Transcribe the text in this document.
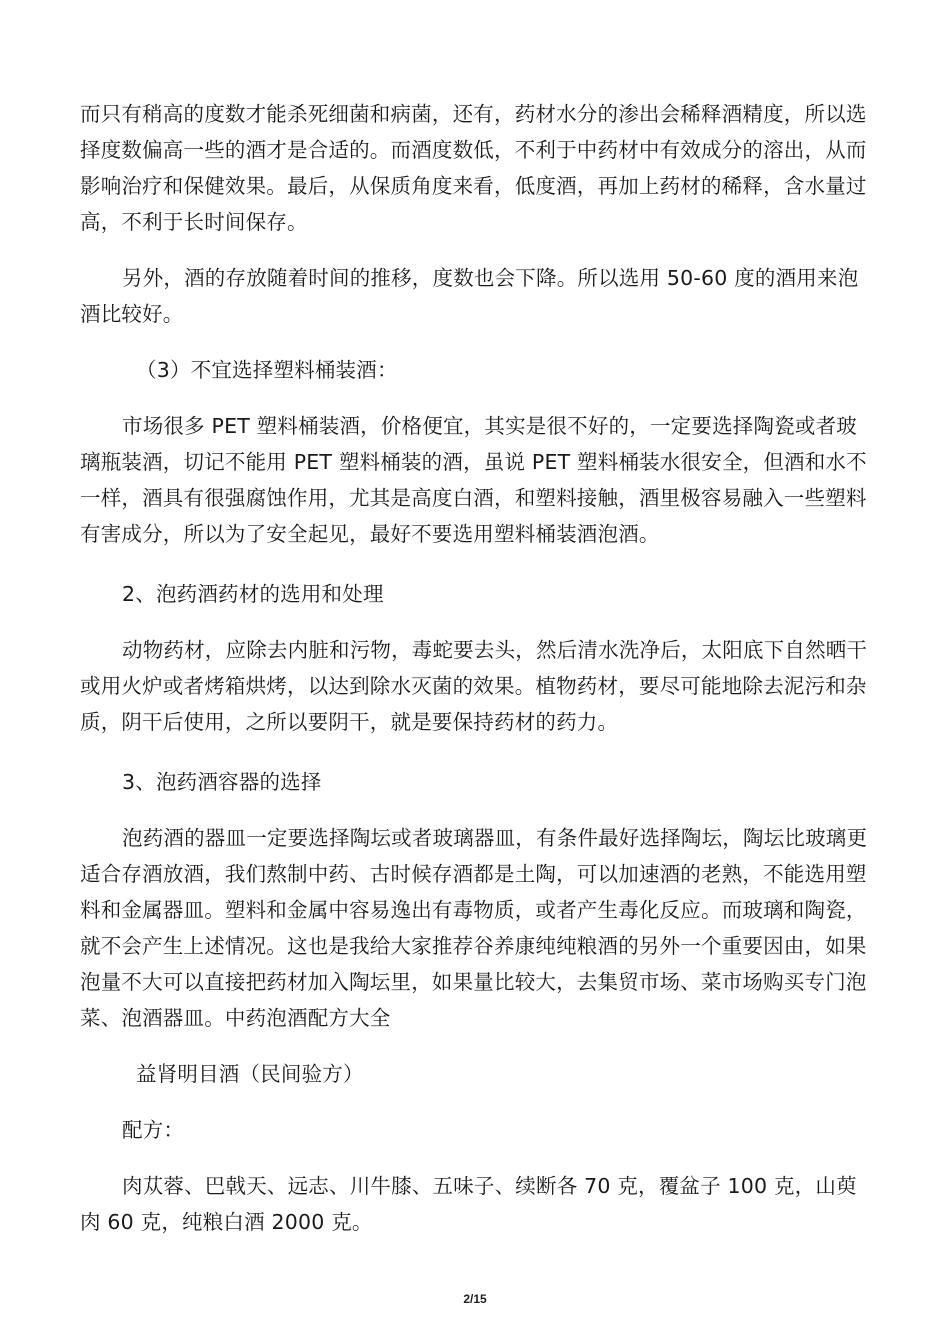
而只有稍高的度数才能杀死细菌和病菌，还有，药材水分的渗出会稀释酒精度，所以选择度数偏高一些的酒才是合适的。而酒度数低，不利于中药材中有效成分的溶出，从而影响治疗和保健效果。最后，从保质角度来看，低度酒，再加上药材的稀释，含水量过高，不利于长时间保存。

另外，酒的存放随着时间的推移，度数也会下降。所以选用 50-60 度的酒用来泡酒比较好。

（3）不宜选择塑料桶装酒：

市场很多 PET 塑料桶装酒，价格便宜，其实是很不好的，一定要选择陶瓷或者玻璃瓶装酒，切记不能用 PET 塑料桶装的酒，虽说 PET 塑料桶装水很安全，但酒和水不一样，酒具有很强腐蚀作用，尤其是高度白酒，和塑料接触，酒里极容易融入一些塑料有害成分，所以为了安全起见，最好不要选用塑料桶装酒泡酒。

2、泡药酒药材的选用和处理

动物药材，应除去内脏和污物，毒蛇要去头，然后清水洗净后，太阳底下自然晒干或用火炉或者烤箱烘烤，以达到除水灭菌的效果。植物药材，要尽可能地除去泥污和杂质，阴干后使用，之所以要阴干，就是要保持药材的药力。

3、泡药酒容器的选择

泡药酒的器皿一定要选择陶坛或者玻璃器皿，有条件最好选择陶坛，陶坛比玻璃更适合存酒放酒，我们熬制中药、古时候存酒都是土陶，可以加速酒的老熟，不能选用塑料和金属器皿。塑料和金属中容易逸出有毒物质，或者产生毒化反应。而玻璃和陶瓷，就不会产生上述情况。这也是我给大家推荐谷养康纯纯粮酒的另外一个重要因由，如果泡量不大可以直接把药材加入陶坛里，如果量比较大，去集贸市场、菜市场购买专门泡菜、泡酒器皿。中药泡酒配方大全

益肾明目酒（民间验方）

配方：

肉苁蓉、巴戟天、远志、川牛膝、五味子、续断各 70 克，覆盆子 100 克，山萸肉 60 克，纯粮白酒 2000 克。

2/15
